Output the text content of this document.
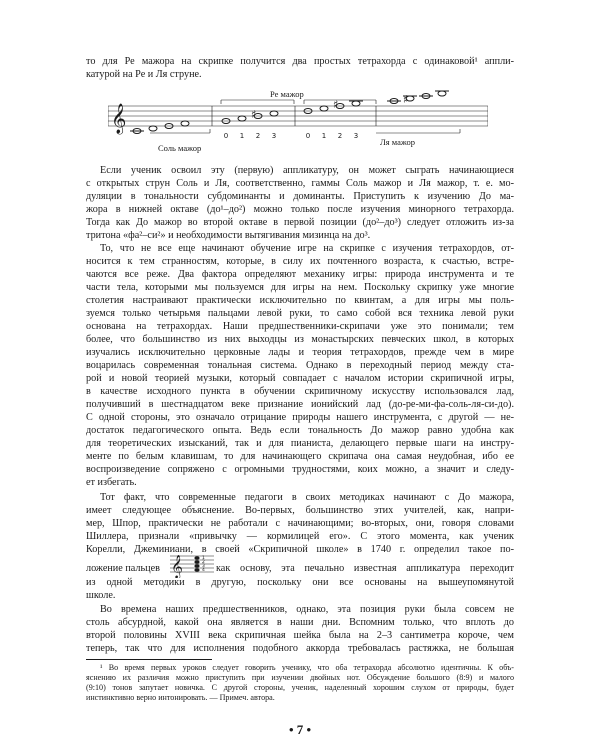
то для Ре мажора на скрипке получится два простых тетрахорда с одинаковой¹ аппли-
катурой на Ре и Ля струне.
𝄞	♯
♯	♯
0 1 2 3	0 1 2 3
Ре мажор
Соль мажор
Ля мажор
Если ученик освоил эту (первую) аппликатуру, он может сыграть начинающиеся
с открытых струн Соль и Ля, соответственно, гаммы Соль мажор и Ля мажор, т. е. мо-
дуляции в тональности субдоминанты и доминанты. Приступить к изучению До ма-
жора в нижней октаве (до¹–до²) можно только после изучения минорного тетрахорда.
Тогда как До мажор во второй октаве в первой позиции (до²–до³) следует отложить из-за
тритона «фа²–си²» и необходимости вытягивания мизинца на до³.
То, что не все еще начинают обучение игре на скрипке с изучения тетрахордов, от-
носится к тем странностям, которые, в силу их почтенного возраста, к счастью, встре-
чаются все реже. Два фактора определяют механику игры: природа инструмента и те
части тела, которыми мы пользуемся для игры на нем. Поскольку скрипку уже многие
столетия настраивают практически исключительно по квинтам, а для игры мы поль-
зуемся только четырьмя пальцами левой руки, то само собой вся техника левой руки
основана на тетрахордах. Наши предшественники-скрипачи уже это понимали; тем
более, что большинство из них выходцы из монастырских певческих школ, в которых
изучались исключительно церковные лады и теория тетрахордов, прежде чем в мире
воцарилась современная тональная система. Однако в переходный период между ста-
рой и новой теорией музыки, который совпадает с началом истории скрипичной игры,
в качестве исходного пункта в обучении скрипичному искусству использовался лад,
получивший в шестнадцатом веке признание ионийский лад (до-ре-ми-фа-соль-ля-си-до).
С одной стороны, это означало отрицание природы нашего инструмента, с другой — не-
достаток педагогического опыта. Ведь если тональность До мажор равно удобна как
для теоретических изысканий, так и для пианиста, делающего первые шаги на инстру-
менте по белым клавишам, то для начинающего скрипача она самая неудобная, ибо ее
воспроизведение сопряжено с огромными трудностями, коих можно, а значит и следу-
ет избегать.
Тот факт, что современные педагоги в своих методиках начинают с До мажора,
имеет следующее объяснение. Во-первых, большинство этих учителей, как, напри-
мер, Шпор, практически не работали с начинающими; во-вторых, они, говоря словами
Шиллера, признали «привычку — кормилицей его». С этого момента, как ученик
Корелли, Джеминиани, в своей «Скрипичной школе» в 1740 г. определил такое по-
ложение пальцев 𝄞	1
2
3
4 как основу, эта печально известная аппликатура переходит
из одной методики в другую, поскольку они все основаны на вышеупомянутой
школе.
Во времена наших предшественников, однако, эта позиция руки была совсем не
столь абсурдной, какой она является в наши дни. Вспомним только, что вплоть до
второй половины XVIII века скрипичная шейка была на 2–3 сантиметра короче, чем
теперь, так что для исполнения подобного аккорда требовалась растяжка, не большая
¹ Во время первых уроков следует говорить ученику, что оба тетрахорда абсолютно идентичны. К объ-
яснению их различия можно приступить при изучении двойных нот. Обсуждение большого (8:9) и малого
(9:10) тонов запутает новичка. С другой стороны, ученик, наделенный хорошим слухом от природы, будет
инстинктивно верно интонировать. — Примеч. автора.
• 7 •
